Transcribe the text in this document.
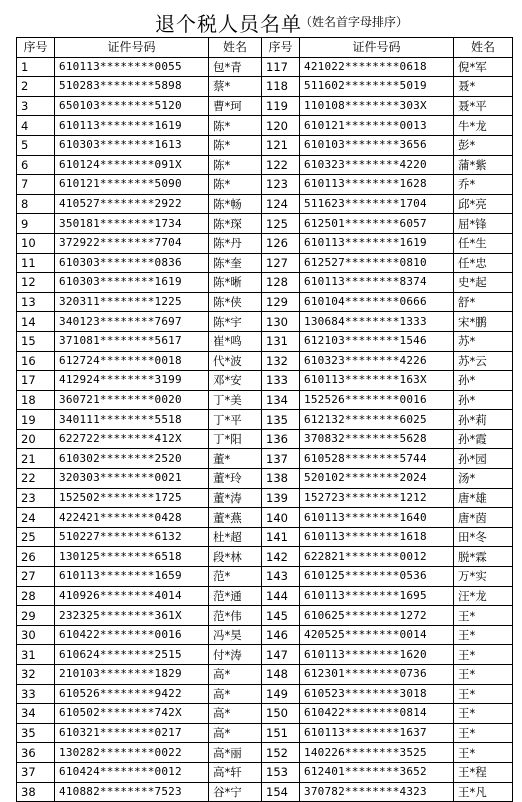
退个税人员名单
（姓名首字母排序）
序号	证件号码	姓名	序号	证件号码	姓名
1	610113********0055	包*青	117	421022********0618	倪*军
2	510283********5898	蔡*	118	511602********5019	聂*
3	650103********5120	曹*珂	119	110108********303X	聂*平
4	610113********1619	陈*	120	610121********0013	牛*龙
5	610303********1613	陈*	121	610103********3656	彭*
6	610124********091X	陈*	122	610323********4220	蒲*紫
7	610121********5090	陈*	123	610113********1628	乔*
8	410527********2922	陈*畅	124	511623********1704	邱*亮
9	350181********1734	陈*琛	125	612501********6057	屈*锋
10	372922********7704	陈*丹	126	610113********1619	任*生
11	610303********0836	陈*奎	127	612527********0810	任*忠
12	610303********1619	陈*晰	128	610113********8374	史*起
13	320311********1225	陈*侠	129	610104********0666	舒*
14	340123********7697	陈*宇	130	130684********1333	宋*鹏
15	371081********5617	崔*鸣	131	612103********1546	苏*
16	612724********0018	代*波	132	610323********4226	苏*云
17	412924********3199	邓*安	133	610113********163X	孙*
18	360721********0020	丁*美	134	152526********0016	孙*
19	340111********5518	丁*平	135	612132********6025	孙*莉
20	622722********412X	丁*阳	136	370832********5628	孙*霞
21	610302********2520	董*	137	610528********5744	孙*园
22	320303********0021	董*玲	138	520102********2024	汤*
23	152502********1725	董*涛	139	152723********1212	唐*雄
24	422421********0428	董*燕	140	610113********1640	唐*茵
25	510227********6132	杜*超	141	610113********1618	田*冬
26	130125********6518	段*林	142	622821********0012	脱*霖
27	610113********1659	范*	143	610125********0536	万*实
28	410926********4014	范*通	144	610113********1695	汪*龙
29	232325********361X	范*伟	145	610625********1272	王*
30	610422********0016	冯*昊	146	420525********0014	王*
31	610624********2515	付*涛	147	610113********1620	王*
32	210103********1829	高*	148	612301********0736	王*
33	610526********9422	高*	149	610523********3018	王*
34	610502********742X	高*	150	610422********0814	王*
35	610321********0217	高*	151	610113********1637	王*
36	130282********0022	高*丽	152	140226********3525	王*
37	610424********0012	高*轩	153	612401********3652	王*程
38	410882********7523	谷*宁	154	370782********4323	王*凡
